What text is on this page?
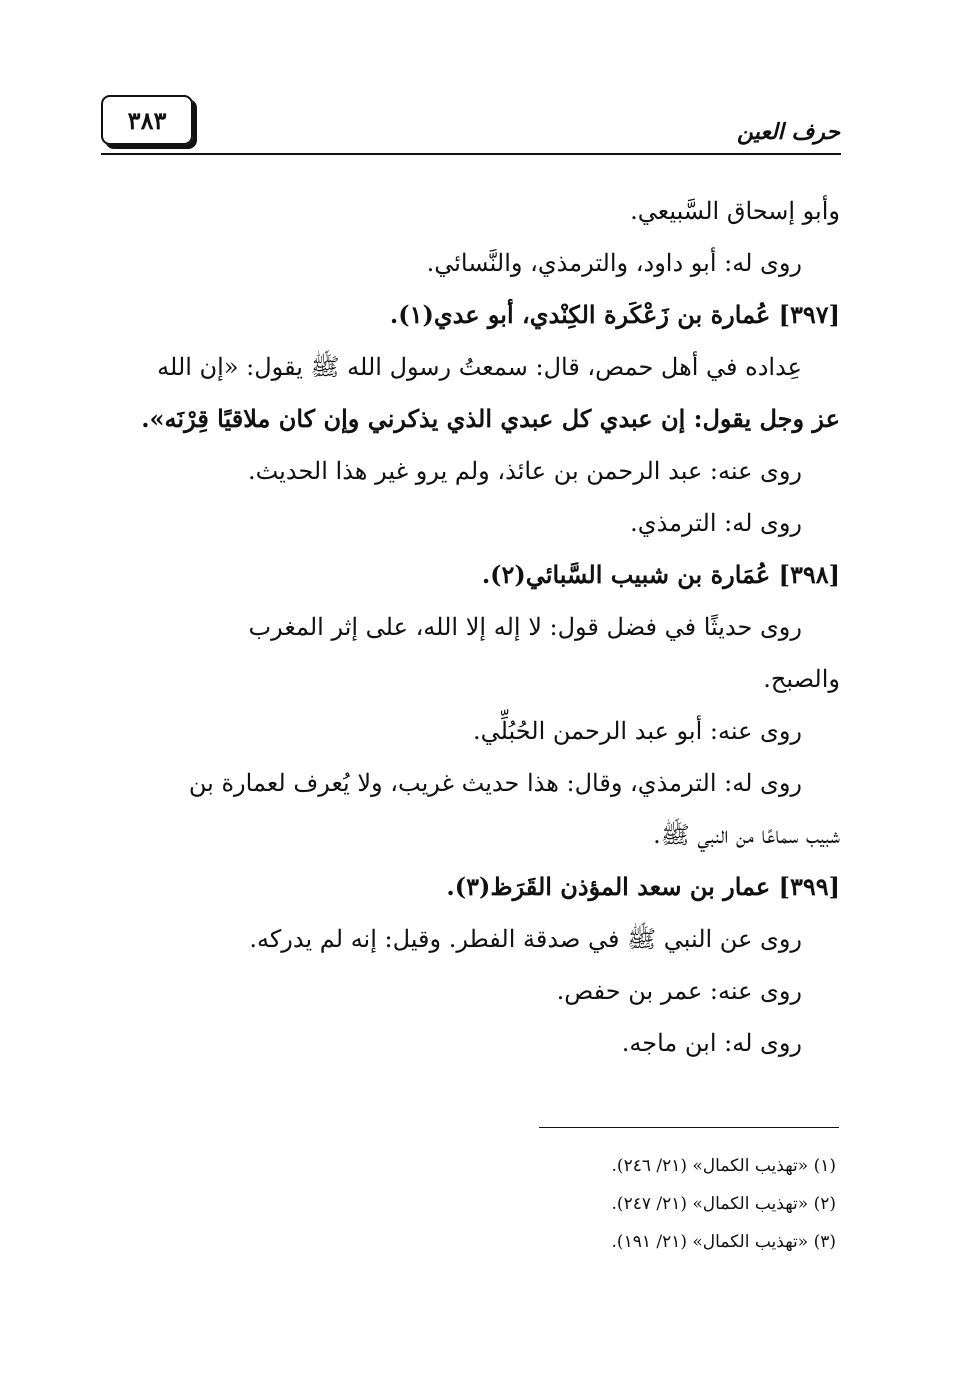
٣٨٣	حرف العين
وأبو إسحاق السَّبيعي.
روى له: أبو داود، والترمذي، والنَّسائي.
[٣٩٧] عُمارة بن زَعْكَرة الكِنْدي، أبو عدي(١).
عِداده في أهل حمص، قال: سمعتُ رسول الله ﷺ يقول: «إن الله
عز وجل يقول: إن عبدي كل عبدي الذي يذكرني وإن كان ملاقيًا قِرْنَه».
روى عنه: عبد الرحمن بن عائذ، ولم يرو غير هذا الحديث.
روى له: الترمذي.
[٣٩٨] عُمَارة بن شبيب السَّبائي(٢).
روى حديثًا في فضل قول: لا إله إلا الله، على إثر المغرب
والصبح.
روى عنه: أبو عبد الرحمن الحُبُلِّي.
روى له: الترمذي، وقال: هذا حديث غريب، ولا يُعرف لعمارة بن
شبيب سماعًا من النبي ﷺ.
[٣٩٩] عمار بن سعد المؤذن القَرَظ(٣).
روى عن النبي ﷺ في صدقة الفطر. وقيل: إنه لم يدركه.
روى عنه: عمر بن حفص.
روى له: ابن ماجه.
(١) «تهذيب الكمال» (٢١/ ٢٤٦).
(٢) «تهذيب الكمال» (٢١/ ٢٤٧).
(٣) «تهذيب الكمال» (٢١/ ١٩١).
